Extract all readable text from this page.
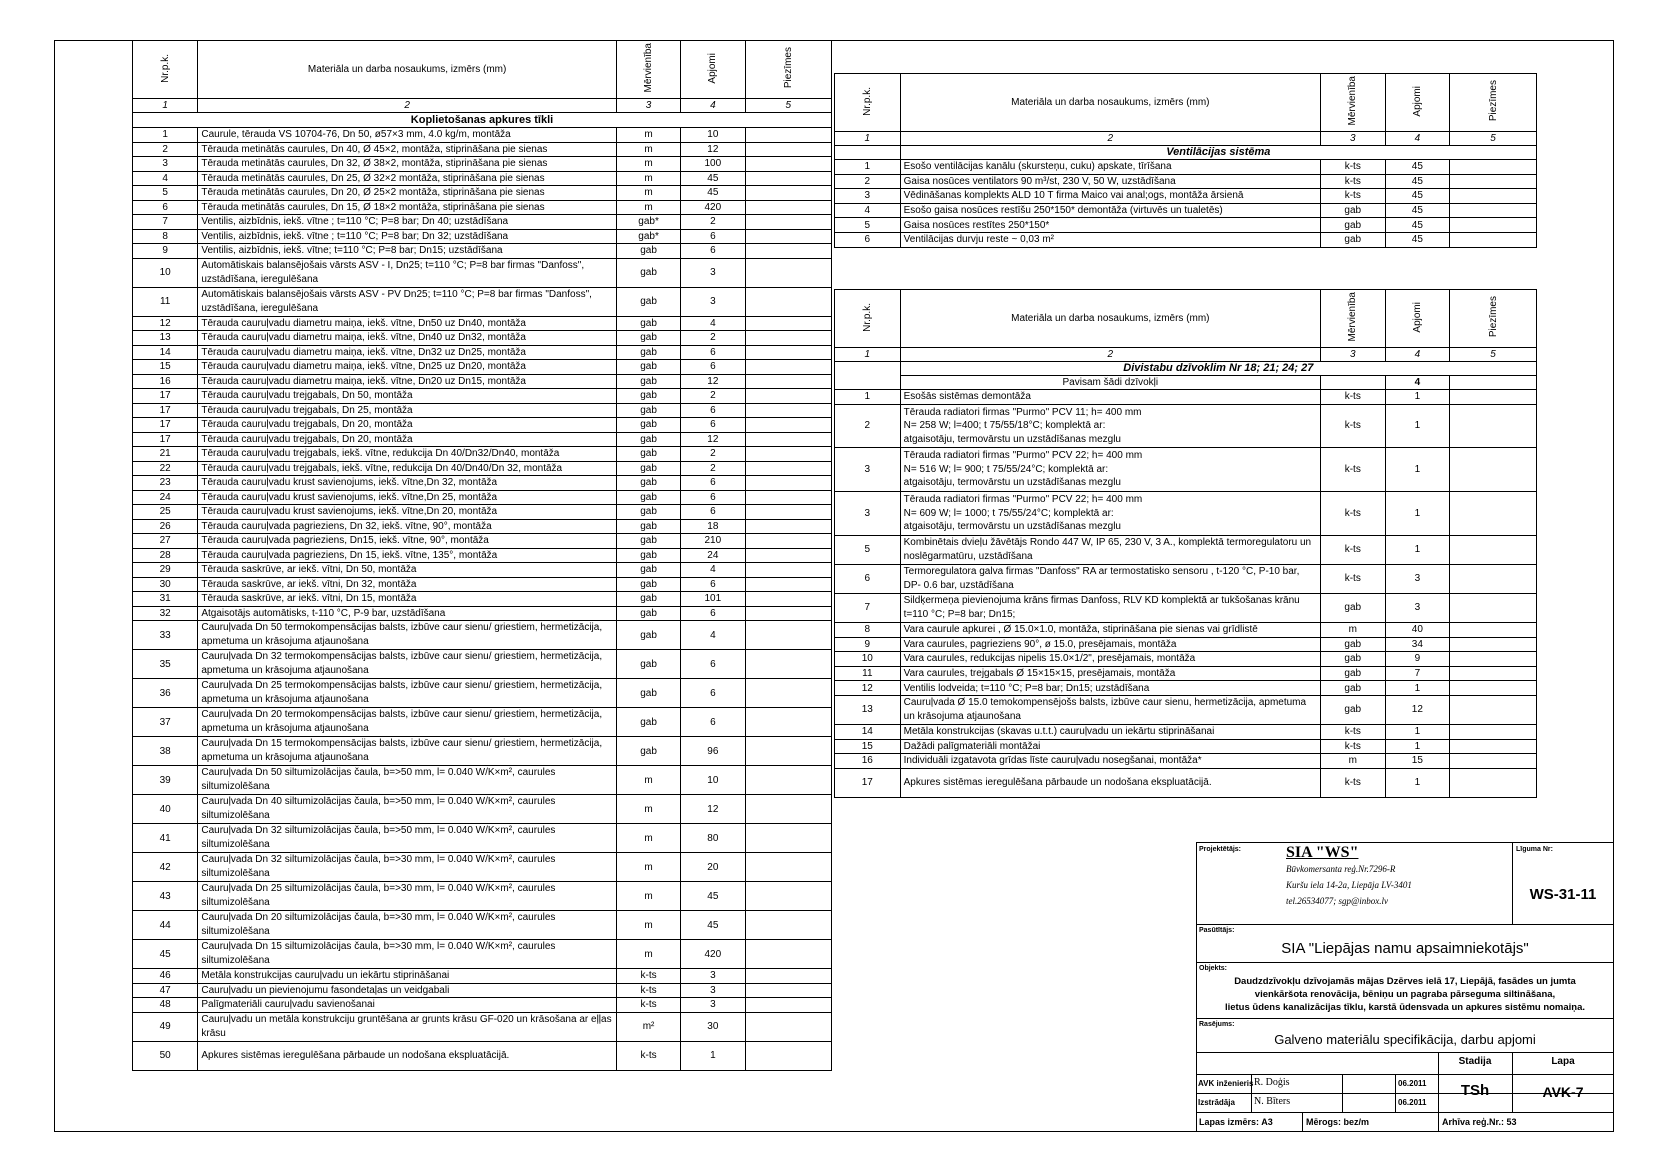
Nr.p.k.	Materiāla un darba nosaukums, izmērs (mm)	Mērvienība	Apjomi	Piezīmes
1	2	3	4	5
Koplietošanas apkures tīkli				
1	Caurule, tērauda VS 10704-76, Dn 50, ø57×3 mm, 4.0 kg/m, montāža	m	10	
2	Tērauda metinātās caurules, Dn 40, Ø 45×2, montāža, stiprināšana pie sienas	m	12	
3	Tērauda metinātās caurules, Dn 32, Ø 38×2, montāža, stiprināšana pie sienas	m	100	
4	Tērauda metinātās caurules, Dn 25, Ø 32×2 montāža, stiprināšana pie sienas	m	45	
5	Tērauda metinātās caurules, Dn 20, Ø 25×2 montāža, stiprināšana pie sienas	m	45	
6	Tērauda metinātās caurules, Dn 15, Ø 18×2 montāža, stiprināšana pie sienas	m	420	
7	Ventilis, aizbīdnis, iekš. vītne ; t=110 °C; P=8 bar; Dn 40; uzstādīšana	gab*	2	
8	Ventilis, aizbīdnis, iekš. vītne ; t=110 °C; P=8 bar; Dn 32; uzstādīšana	gab*	6	
9	Ventilis, aizbīdnis, iekš. vītne; t=110 °C; P=8 bar; Dn15; uzstādīšana	gab	6	
10	Automātiskais balansējošais vārsts ASV - I, Dn25; t=110 °C; P=8 bar firmas "Danfoss", uzstādīšana, ieregulēšana	gab	3	
11	Automātiskais balansējošais vārsts ASV - PV Dn25; t=110 °C; P=8 bar firmas "Danfoss", uzstādīšana, ieregulēšana	gab	3	
12	Tērauda cauruļvadu diametru maiņa, iekš. vītne, Dn50 uz Dn40, montāža	gab	4	
13	Tērauda cauruļvadu diametru maiņa, iekš. vītne, Dn40 uz Dn32, montāža	gab	2	
14	Tērauda cauruļvadu diametru maiņa, iekš. vītne, Dn32 uz Dn25, montāža	gab	6	
15	Tērauda cauruļvadu diametru maiņa, iekš. vītne, Dn25 uz Dn20, montāža	gab	6	
16	Tērauda cauruļvadu diametru maiņa, iekš. vītne, Dn20 uz Dn15, montāža	gab	12	
17	Tērauda cauruļvadu trejgabals, Dn 50, montāža	gab	2	
17	Tērauda cauruļvadu trejgabals, Dn 25, montāža	gab	6	
17	Tērauda cauruļvadu trejgabals, Dn 20, montāža	gab	6	
17	Tērauda cauruļvadu trejgabals, Dn 20, montāža	gab	12	
21	Tērauda cauruļvadu trejgabals, iekš. vītne, redukcija Dn 40/Dn32/Dn40, montāža	gab	2	
22	Tērauda cauruļvadu trejgabals, iekš. vītne, redukcija Dn 40/Dn40/Dn 32, montāža	gab	2	
23	Tērauda cauruļvadu krust savienojums, iekš. vītne,Dn 32, montāža	gab	6	
24	Tērauda cauruļvadu krust savienojums, iekš. vītne,Dn 25, montāža	gab	6	
25	Tērauda cauruļvadu krust savienojums, iekš. vītne,Dn 20, montāža	gab	6	
26	Tērauda cauruļvada pagrieziens, Dn 32, iekš. vītne, 90°, montāža	gab	18	
27	Tērauda cauruļvada pagrieziens, Dn15, iekš. vītne, 90°, montāža	gab	210	
28	Tērauda cauruļvada pagrieziens, Dn 15, iekš. vītne, 135°, montāža	gab	24	
29	Tērauda saskrūve, ar iekš. vītni, Dn 50, montāža	gab	4	
30	Tērauda saskrūve, ar iekš. vītni, Dn 32, montāža	gab	6	
31	Tērauda saskrūve, ar iekš. vītni, Dn 15, montāža	gab	101	
32	Atgaisotājs automātisks, t-110 °C, P-9 bar, uzstādīšana	gab	6	
33	Cauruļvada Dn 50 termokompensācijas balsts, izbūve caur sienu/ griestiem, hermetizācija, apmetuma un krāsojuma atjaunošana	gab	4	
35	Cauruļvada Dn 32 termokompensācijas balsts, izbūve caur sienu/ griestiem, hermetizācija, apmetuma un krāsojuma atjaunošana	gab	6	
36	Cauruļvada Dn 25 termokompensācijas balsts, izbūve caur sienu/ griestiem, hermetizācija, apmetuma un krāsojuma atjaunošana	gab	6	
37	Cauruļvada Dn 20 termokompensācijas balsts, izbūve caur sienu/ griestiem, hermetizācija, apmetuma un krāsojuma atjaunošana	gab	6	
38	Cauruļvada Dn 15 termokompensācijas balsts, izbūve caur sienu/ griestiem, hermetizācija, apmetuma un krāsojuma atjaunošana	gab	96	
39	Cauruļvada Dn 50 siltumizolācijas čaula, b=>50 mm, l= 0.040 W/K×m², caurules siltumizolēšana	m	10	
40	Cauruļvada Dn 40 siltumizolācijas čaula, b=>50 mm, l= 0.040 W/K×m², caurules siltumizolēšana	m	12	
41	Cauruļvada Dn 32 siltumizolācijas čaula, b=>50 mm, l= 0.040 W/K×m², caurules siltumizolēšana	m	80	
42	Cauruļvada Dn 32 siltumizolācijas čaula, b=>30 mm, l= 0.040 W/K×m², caurules siltumizolēšana	m	20	
43	Cauruļvada Dn 25 siltumizolācijas čaula, b=>30 mm, l= 0.040 W/K×m², caurules siltumizolēšana	m	45	
44	Cauruļvada Dn 20 siltumizolācijas čaula, b=>30 mm, l= 0.040 W/K×m², caurules siltumizolēšana	m	45	
45	Cauruļvada Dn 15 siltumizolācijas čaula, b=>30 mm, l= 0.040 W/K×m², caurules siltumizolēšana	m	420	
46	Metāla konstrukcijas cauruļvadu un iekārtu stiprināšanai	k-ts	3	
47	Cauruļvadu un pievienojumu fasondetaļas un veidgabali	k-ts	3	
48	Palīgmateriāli cauruļvadu savienošanai	k-ts	3	
49	Cauruļvadu un metāla konstrukciju gruntēšana ar grunts krāsu GF-020 un krāsošana ar eļļas krāsu	m²	30	
50	Apkures sistēmas ieregulēšana pārbaude un nodošana ekspluatācijā.	k-ts	1	
Nr.p.k.	Materiāla un darba nosaukums, izmērs (mm)	Mērvienība	Apjomi	Piezīmes
1	2	3	4	5
	Ventilācijas sistēma			
1	Esošo ventilācijas kanālu (skursteņu, cuku) apskate, tīrīšana	k-ts	45	
2	Gaisa nosūces ventilators 90 m³/st, 230 V, 50 W, uzstādīšana	k-ts	45	
3	Vēdināšanas komplekts ALD 10 T firma Maico vai anal;ogs, montāža ārsienā	k-ts	45	
4	Esošo gaisa nosūces restīšu 250*150* demontāža (virtuvēs un tualetēs)	gab	45	
5	Gaisa nosūces restītes 250*150*	gab	45	
6	Ventilācijas durvju reste ~ 0,03 m²	gab	45	
Nr.p.k.	Materiāla un darba nosaukums, izmērs (mm)	Mērvienība	Apjomi	Piezīmes
1	2	3	4	5
	Divistabu dzīvoklim Nr 18; 21; 24; 27			
	Pavisam šādi dzīvokļi		4	
1	Esošās sistēmas demontāža	k-ts	1	
2	Tērauda radiatori firmas "Purmo" PCV 11; h= 400 mm
N= 258 W; l=400; t 75/55/18°C; komplektā ar:
atgaisotāju, termovārstu un uzstādīšanas mezglu	k-ts	1	
3	Tērauda radiatori firmas "Purmo" PCV 22; h= 400 mm
N= 516 W; l= 900; t 75/55/24°C; komplektā ar:
atgaisotāju, termovārstu un uzstādīšanas mezglu	k-ts	1	
3	Tērauda radiatori firmas "Purmo" PCV 22; h= 400 mm
N= 609 W; l= 1000; t 75/55/24°C; komplektā ar:
atgaisotāju, termovārstu un uzstādīšanas mezglu	k-ts	1	
5	Kombinētais dvieļu žāvētājs Rondo 447 W, IP 65, 230 V, 3 A., komplektā termoregulatoru un noslēgarmatūru, uzstādīšana	k-ts	1	
6	Termoregulatora galva firmas "Danfoss" RA ar termostatisko sensoru , t-120 °C, P-10 bar, DP- 0.6 bar, uzstādīšana	k-ts	3	
7	Sildķermeņa pievienojuma krāns firmas Danfoss, RLV KD komplektā ar tukšošanas krānu t=110 °C; P=8 bar; Dn15;	gab	3	
8	Vara caurule apkurei , Ø 15.0×1.0, montāža, stiprināšana pie sienas vai grīdlistē	m	40	
9	Vara caurules, pagrieziens 90°, ø 15.0, presējamais, montāža	gab	34	
10	Vara caurules, redukcijas nipelis 15.0×1/2", presējamais, montāža	gab	9	
11	Vara caurules, trejgabals Ø 15×15×15, presējamais, montāža	gab	7	
12	Ventilis lodveida; t=110 °C; P=8 bar; Dn15; uzstādīšana	gab	1	
13	Cauruļvada Ø 15.0 temokompensējošs balsts, izbūve caur sienu, hermetizācija, apmetuma un krāsojuma atjaunošana	gab	12	
14	Metāla konstrukcijas (skavas u.t.t.) cauruļvadu un iekārtu stiprināšanai	k-ts	1	
15	Dažādi palīgmateriāli montāžai	k-ts	1	
16	Individuāli izgatavota grīdas līste cauruļvadu nosegšanai, montāža*	m	15	
17	Apkures sistēmas ieregulēšana pārbaude un nodošana ekspluatācijā.	k-ts	1	
Projektētājs:	SIA "WS"
Būvkomersanta reģ.Nr.7296-R
Kuršu iela 14-2a, Liepāja LV-3401
tel.26534077; sgp@inbox.lv
Līguma Nr:
WS-31-11
Pasūtītājs:
SIA "Liepājas namu apsaimniekotājs"
Objekts:
Daudzdzīvokļu dzīvojamās mājas Dzērves ielā 17, Liepājā, fasādes un jumta
vienkāršota renovācija, bēniņu un pagraba pārseguma siltināšana,
lietus ūdens kanalizācijas tīklu, karstā ūdensvada un apkures sistēmu nomaiņa.
Rasējums:
Galveno materiālu specifikācija, darbu apjomi
Stadija	Lapa
TSh	AVK-7
AVK inženieris R. Doģis	06.2011
Izstrādāja N. Bīters	06.2011
Lapas izmērs: A3	Mērogs: bez/m	Arhīva reģ.Nr.: 53
